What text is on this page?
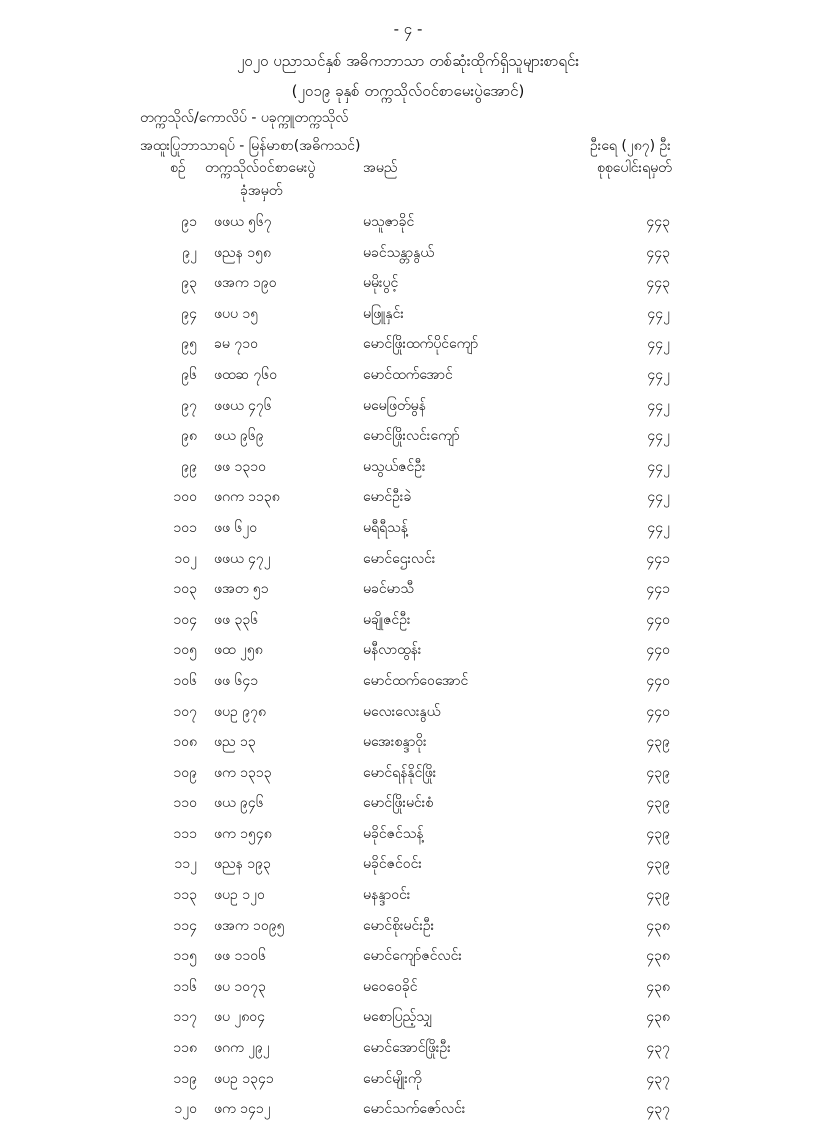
- ၄ -
၂၀၂၀ ပညာသင်နှစ် အဓိကဘာသာ တစ်ဆုံးထိုက်ရှိသူများစာရင်း
(၂၀၁၉ ခုနှစ် တက္ကသိုလ်ဝင်စာမေးပွဲအောင်)
တက္ကသိုလ်/ကောလိပ် - ပခုက္ကူတက္ကသိုလ်
အထူးပြုဘာသာရပ် - မြန်မာစာ(အဓိကသင်)	ဦးရေ (၂၈၇) ဦး
စဉ် တက္ကသိုလ်ဝင်စာမေးပွဲ
ခုံအမှတ်
အမည်	စုစုပေါင်းရမှတ်
၉၁ ဖဖယ ၅၆၇	မသူဇာခိုင်	၄၄၃
၉၂ ဖညန ၁၅၈	မခင်သန္တာနွယ်	၄၄၃
၉၃ ဖအက ၁၉၀	မမိုးပွင့်	၄၄၃
၉၄ ဖပပ ၁၅	မဖြူနှင်း	၄၄၂
၉၅ ခမ ၇၁၀	မောင်ဖြိုးထက်ပိုင်ကျော်	၄၄၂
၉၆ ဖထဆ ၇၆၀	မောင်ထက်အောင်	၄၄၂
၉၇ ဖဖယ ၄၇၆	မမေဖြတ်မွန်	၄၄၂
၉၈ ဖယ ၉၆၉	မောင်ဖြိုးလင်းကျော်	၄၄၂
၉၉ ဖဖ ၁၃၁၀	မသွယ်ဇင်ဦး	၄၄၂
၁၀၀ ဖဂက ၁၁၃၈	မောင်ဦးခဲ	၄၄၂
၁၀၁ ဖဖ ၆၂၀	မရီရီသန့်	၄၄၂
၁၀၂ ဖဖယ ၄၇၂	မောင်ဌေးလင်း	၄၄၁
၁၀၃ ဖအတ ၅၁	မခင်မာသီ	၄၄၁
၁၀၄ ဖဖ ၃၃၆	မချိုဇင်ဦး	၄၄၀
၁၀၅ ဖထ ၂၅၈	မနီလာထွန်း	၄၄၀
၁၀၆ ဖဖ ၆၄၁	မောင်ထက်ဝေအောင်	၄၄၀
၁၀၇ ဖပဥ ၉၇၈	မလေးလေးနွယ်	၄၄၀
၁၀၈ ဖည ၁၃	မအေးစန္ဒာဝိုး	၄၃၉
၁၀၉ ဖက ၁၃၁၃	မောင်ရန်နိုင်ဖြိုး	၄၃၉
၁၁၀ ဖယ ၉၄၆	မောင်ဖြိုးမင်းစံ	၄၃၉
၁၁၁ ဖက ၁၅၄၈	မခိုင်ဇင်သန့်	၄၃၉
၁၁၂ ဖညန ၁၉၃	မခိုင်ဇင်ဝင်း	၄၃၉
၁၁၃ ဖပဥ ၁၂၀	မနန္ဒာဝင်း	၄၃၉
၁၁၄ ဖအက ၁၀၉၅	မောင်စိုးမင်းဦး	၄၃၈
၁၁၅ ဖဖ ၁၁၀၆	မောင်ကျော်ဇင်လင်း	၄၃၈
၁၁၆ ဖပ ၁၀၇၃	မဝေဝေခိုင်	၄၃၈
၁၁၇ ဖပ ၂၈၀၄	မစောပြည့်သျှ	၄၃၈
၁၁၈ ဖဂက ၂၉၂	မောင်အောင်ဖြိုးဦး	၄၃၇
၁၁၉ ဖပဥ ၁၃၄၁	မောင်မျိုးကို	၄၃၇
၁၂၀ ဖက ၁၄၁၂	မောင်သက်ဇော်လင်း	၄၃၇
